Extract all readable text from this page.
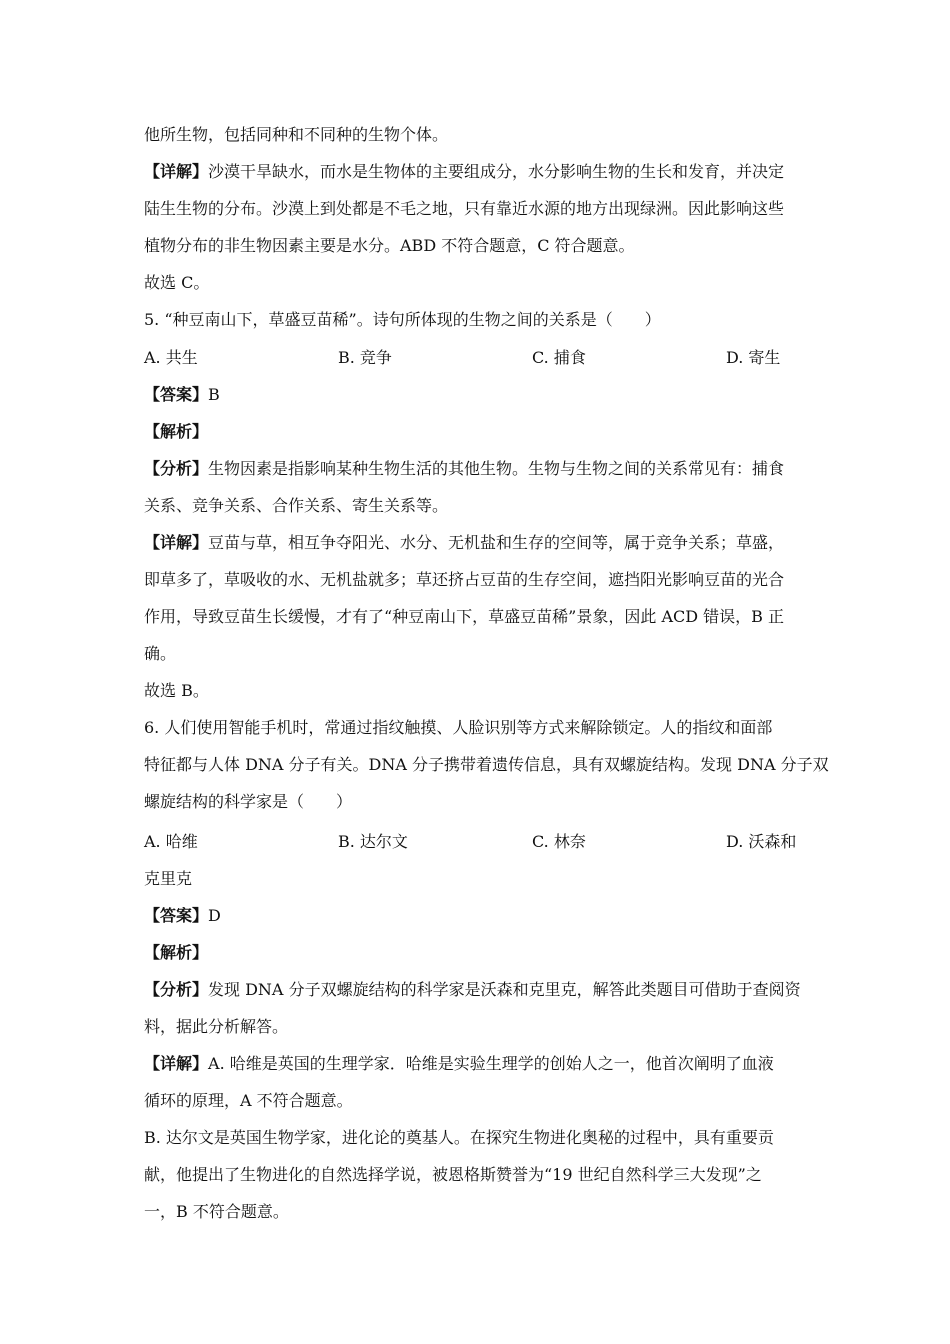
他所生物，包括同种和不同种的生物个体。
【详解】沙漠干旱缺水，而水是生物体的主要组成分，水分影响生物的生长和发育，并决定
陆生生物的分布。沙漠上到处都是不毛之地，只有靠近水源的地方出现绿洲。因此影响这些
植物分布的非生物因素主要是水分。ABD 不符合题意，C 符合题意。
故选 C。
5. “种豆南山下，草盛豆苗稀”。诗句所体现的生物之间的关系是（　　）
A. 共生	B. 竞争	C. 捕食	D. 寄生
【答案】B
【解析】
【分析】生物因素是指影响某种生物生活的其他生物。生物与生物之间的关系常见有：捕食
关系、竞争关系、合作关系、寄生关系等。
【详解】豆苗与草，相互争夺阳光、水分、无机盐和生存的空间等，属于竞争关系；草盛，
即草多了，草吸收的水、无机盐就多；草还挤占豆苗的生存空间，遮挡阳光影响豆苗的光合
作用，导致豆苗生长缓慢，才有了“种豆南山下，草盛豆苗稀”景象，因此 ACD 错误，B 正
确。
故选 B。
6. 人们使用智能手机时，常通过指纹触摸、人脸识别等方式来解除锁定。人的指纹和面部
特征都与人体 DNA 分子有关。DNA 分子携带着遗传信息，具有双螺旋结构。发现 DNA 分子双
螺旋结构的科学家是（　　）
A. 哈维	B. 达尔文	C. 林奈	D. 沃森和
克里克
【答案】D
【解析】
【分析】发现 DNA 分子双螺旋结构的科学家是沃森和克里克，解答此类题目可借助于查阅资
料，据此分析解答。
【详解】A. 哈维是英国的生理学家．哈维是实验生理学的创始人之一，他首次阐明了血液
循环的原理，A 不符合题意。
B. 达尔文是英国生物学家，进化论的奠基人。在探究生物进化奥秘的过程中，具有重要贡
献，他提出了生物进化的自然选择学说，被恩格斯赞誉为“19 世纪自然科学三大发现”之
一，B 不符合题意。
